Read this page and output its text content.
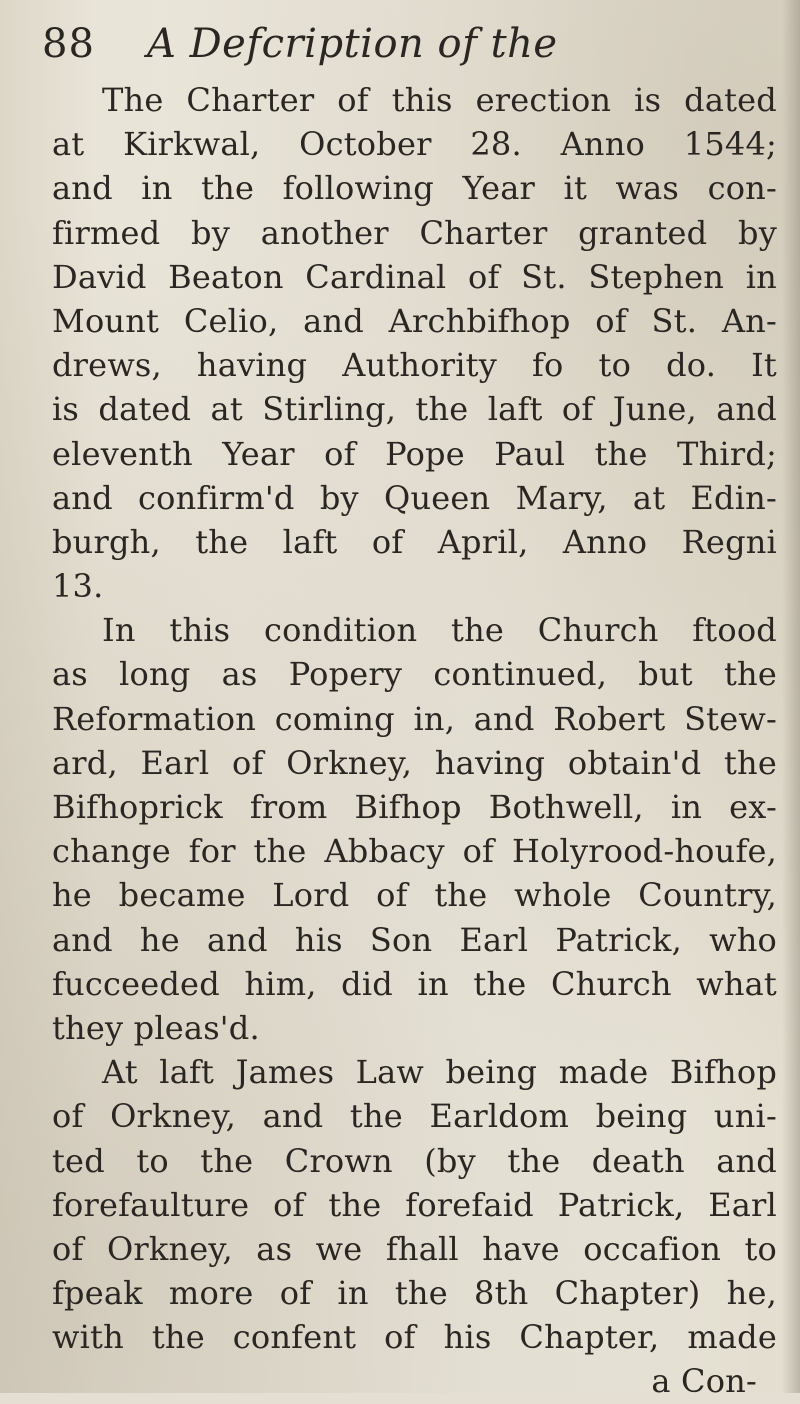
88 A Defcription of the
The Charter of this erection is dated
at Kirkwal, October 28. Anno 1544;
and in the following Year it was con-
firmed by another Charter granted by
David Beaton Cardinal of St. Stephen in
Mount Celio, and Archbifhop of St. An-
drews, having Authority fo to do. It
is dated at Stirling, the laft of June, and
eleventh Year of Pope Paul the Third;
and confirm'd by Queen Mary, at Edin-
burgh, the laft of April, Anno Regni
13.
In this condition the Church ftood
as long as Popery continued, but the
Reformation coming in, and Robert Stew-
ard, Earl of Orkney, having obtain'd the
Bifhoprick from Bifhop Bothwell, in ex-
change for the Abbacy of Holyrood-houfe,
he became Lord of the whole Country,
and he and his Son Earl Patrick, who
fucceeded him, did in the Church what
they pleas'd.
At laft James Law being made Bifhop
of Orkney, and the Earldom being uni-
ted to the Crown (by the death and
forefaulture of the forefaid Patrick, Earl
of Orkney, as we fhall have occafion to
fpeak more of in the 8th Chapter) he,
with the confent of his Chapter, made
a Con-
